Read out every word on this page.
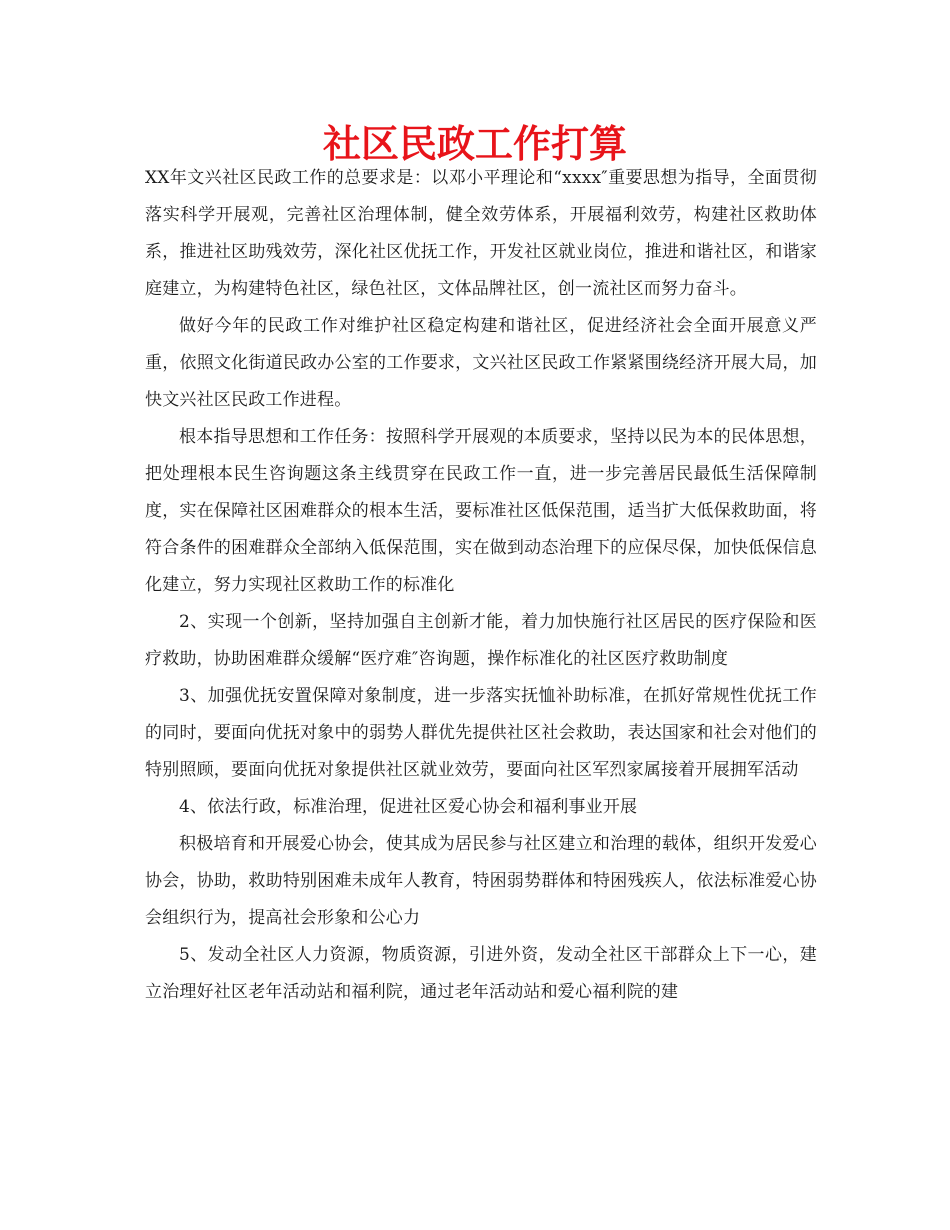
社区民政工作打算

XX年文兴社区民政工作的总要求是：以邓小平理论和“xxxx″重要思想为指导，全面贯彻落实科学开展观，完善社区治理体制，健全效劳体系，开展福利效劳，构建社区救助体系，推进社区助残效劳，深化社区优抚工作，开发社区就业岗位，推进和谐社区，和谐家庭建立，为构建特色社区，绿色社区，文体品牌社区，创一流社区而努力奋斗。

做好今年的民政工作对维护社区稳定构建和谐社区，促进经济社会全面开展意义严重，依照文化街道民政办公室的工作要求，文兴社区民政工作紧紧围绕经济开展大局，加快文兴社区民政工作进程。

根本指导思想和工作任务：按照科学开展观的本质要求，坚持以民为本的民体思想，把处理根本民生咨询题这条主线贯穿在民政工作一直，进一步完善居民最低生活保障制度，实在保障社区困难群众的根本生活，要标准社区低保范围，适当扩大低保救助面，将符合条件的困难群众全部纳入低保范围，实在做到动态治理下的应保尽保，加快低保信息化建立，努力实现社区救助工作的标准化

2、实现一个创新，坚持加强自主创新才能，着力加快施行社区居民的医疗保险和医疗救助，协助困难群众缓解“医疗难″咨询题，操作标准化的社区医疗救助制度

3、加强优抚安置保障对象制度，进一步落实抚恤补助标准，在抓好常规性优抚工作的同时，要面向优抚对象中的弱势人群优先提供社区社会救助，表达国家和社会对他们的特别照顾，要面向优抚对象提供社区就业效劳，要面向社区军烈家属接着开展拥军活动

4、依法行政，标准治理，促进社区爱心协会和福利事业开展

积极培育和开展爱心协会，使其成为居民参与社区建立和治理的载体，组织开发爱心协会，协助，救助特别困难未成年人教育，特困弱势群体和特困残疾人，依法标准爱心协会组织行为，提高社会形象和公心力

5、发动全社区人力资源，物质资源，引进外资，发动全社区干部群众上下一心，建立治理好社区老年活动站和福利院，通过老年活动站和爱心福利院的建
